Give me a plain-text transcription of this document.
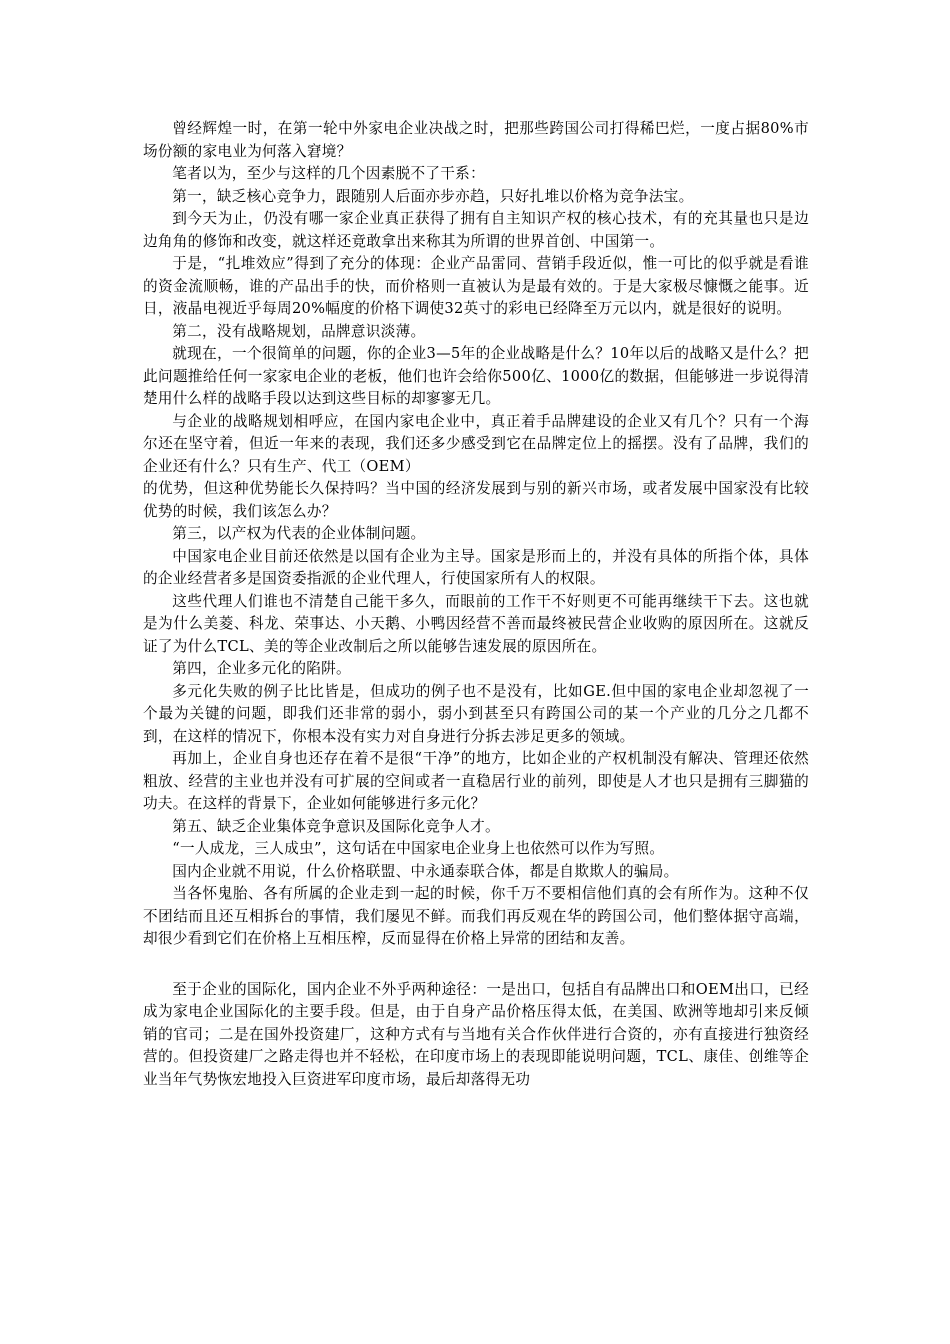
曾经辉煌一时，在第一轮中外家电企业决战之时，把那些跨国公司打得稀巴烂，一度占据80%市场份额的家电业为何落入窘境？

笔者以为，至少与这样的几个因素脱不了干系：

第一，缺乏核心竞争力，跟随别人后面亦步亦趋，只好扎堆以价格为竞争法宝。

到今天为止，仍没有哪一家企业真正获得了拥有自主知识产权的核心技术，有的充其量也只是边边角角的修饰和改变，就这样还竟敢拿出来称其为所谓的世界首创、中国第一。

于是，“扎堆效应”得到了充分的体现：企业产品雷同、营销手段近似，惟一可比的似乎就是看谁的资金流顺畅，谁的产品出手的快，而价格则一直被认为是最有效的。于是大家极尽慷慨之能事。近日，液晶电视近乎每周20%幅度的价格下调使32英寸的彩电已经降至万元以内，就是很好的说明。

第二，没有战略规划，品牌意识淡薄。

就现在，一个很简单的问题，你的企业3—5年的企业战略是什么？10年以后的战略又是什么？把此问题推给任何一家家电企业的老板，他们也许会给你500亿、1000亿的数据，但能够进一步说得清楚用什么样的战略手段以达到这些目标的却寥寥无几。

与企业的战略规划相呼应，在国内家电企业中，真正着手品牌建设的企业又有几个？只有一个海尔还在坚守着，但近一年来的表现，我们还多少感受到它在品牌定位上的摇摆。没有了品牌，我们的企业还有什么？只有生产、代工（OEM）

的优势，但这种优势能长久保持吗？当中国的经济发展到与别的新兴市场，或者发展中国家没有比较优势的时候，我们该怎么办？

第三，以产权为代表的企业体制问题。

中国家电企业目前还依然是以国有企业为主导。国家是形而上的，并没有具体的所指个体，具体的企业经营者多是国资委指派的企业代理人，行使国家所有人的权限。

这些代理人们谁也不清楚自己能干多久，而眼前的工作干不好则更不可能再继续干下去。这也就是为什么美菱、科龙、荣事达、小天鹅、小鸭因经营不善而最终被民营企业收购的原因所在。这就反证了为什么TCL、美的等企业改制后之所以能够告速发展的原因所在。

第四，企业多元化的陷阱。

多元化失败的例子比比皆是，但成功的例子也不是没有，比如GE.但中国的家电企业却忽视了一个最为关键的问题，即我们还非常的弱小，弱小到甚至只有跨国公司的某一个产业的几分之几都不到，在这样的情况下，你根本没有实力对自身进行分拆去涉足更多的领域。

再加上，企业自身也还存在着不是很“干净”的地方，比如企业的产权机制没有解决、管理还依然粗放、经营的主业也并没有可扩展的空间或者一直稳居行业的前列，即使是人才也只是拥有三脚猫的功夫。在这样的背景下，企业如何能够进行多元化？

第五、缺乏企业集体竞争意识及国际化竞争人才。

“一人成龙，三人成虫”，这句话在中国家电企业身上也依然可以作为写照。

国内企业就不用说，什么价格联盟、中永通泰联合体，都是自欺欺人的骗局。

当各怀鬼胎、各有所属的企业走到一起的时候，你千万不要相信他们真的会有所作为。这种不仅不团结而且还互相拆台的事情，我们屡见不鲜。而我们再反观在华的跨国公司，他们整体据守高端，却很少看到它们在价格上互相压榨，反而显得在价格上异常的团结和友善。

至于企业的国际化，国内企业不外乎两种途径：一是出口，包括自有品牌出口和OEM出口，已经成为家电企业国际化的主要手段。但是，由于自身产品价格压得太低，在美国、欧洲等地却引来反倾销的官司；二是在国外投资建厂，这种方式有与当地有关合作伙伴进行合资的，亦有直接进行独资经营的。但投资建厂之路走得也并不轻松，在印度市场上的表现即能说明问题，TCL、康佳、创维等企业当年气势恢宏地投入巨资进军印度市场，最后却落得无功
